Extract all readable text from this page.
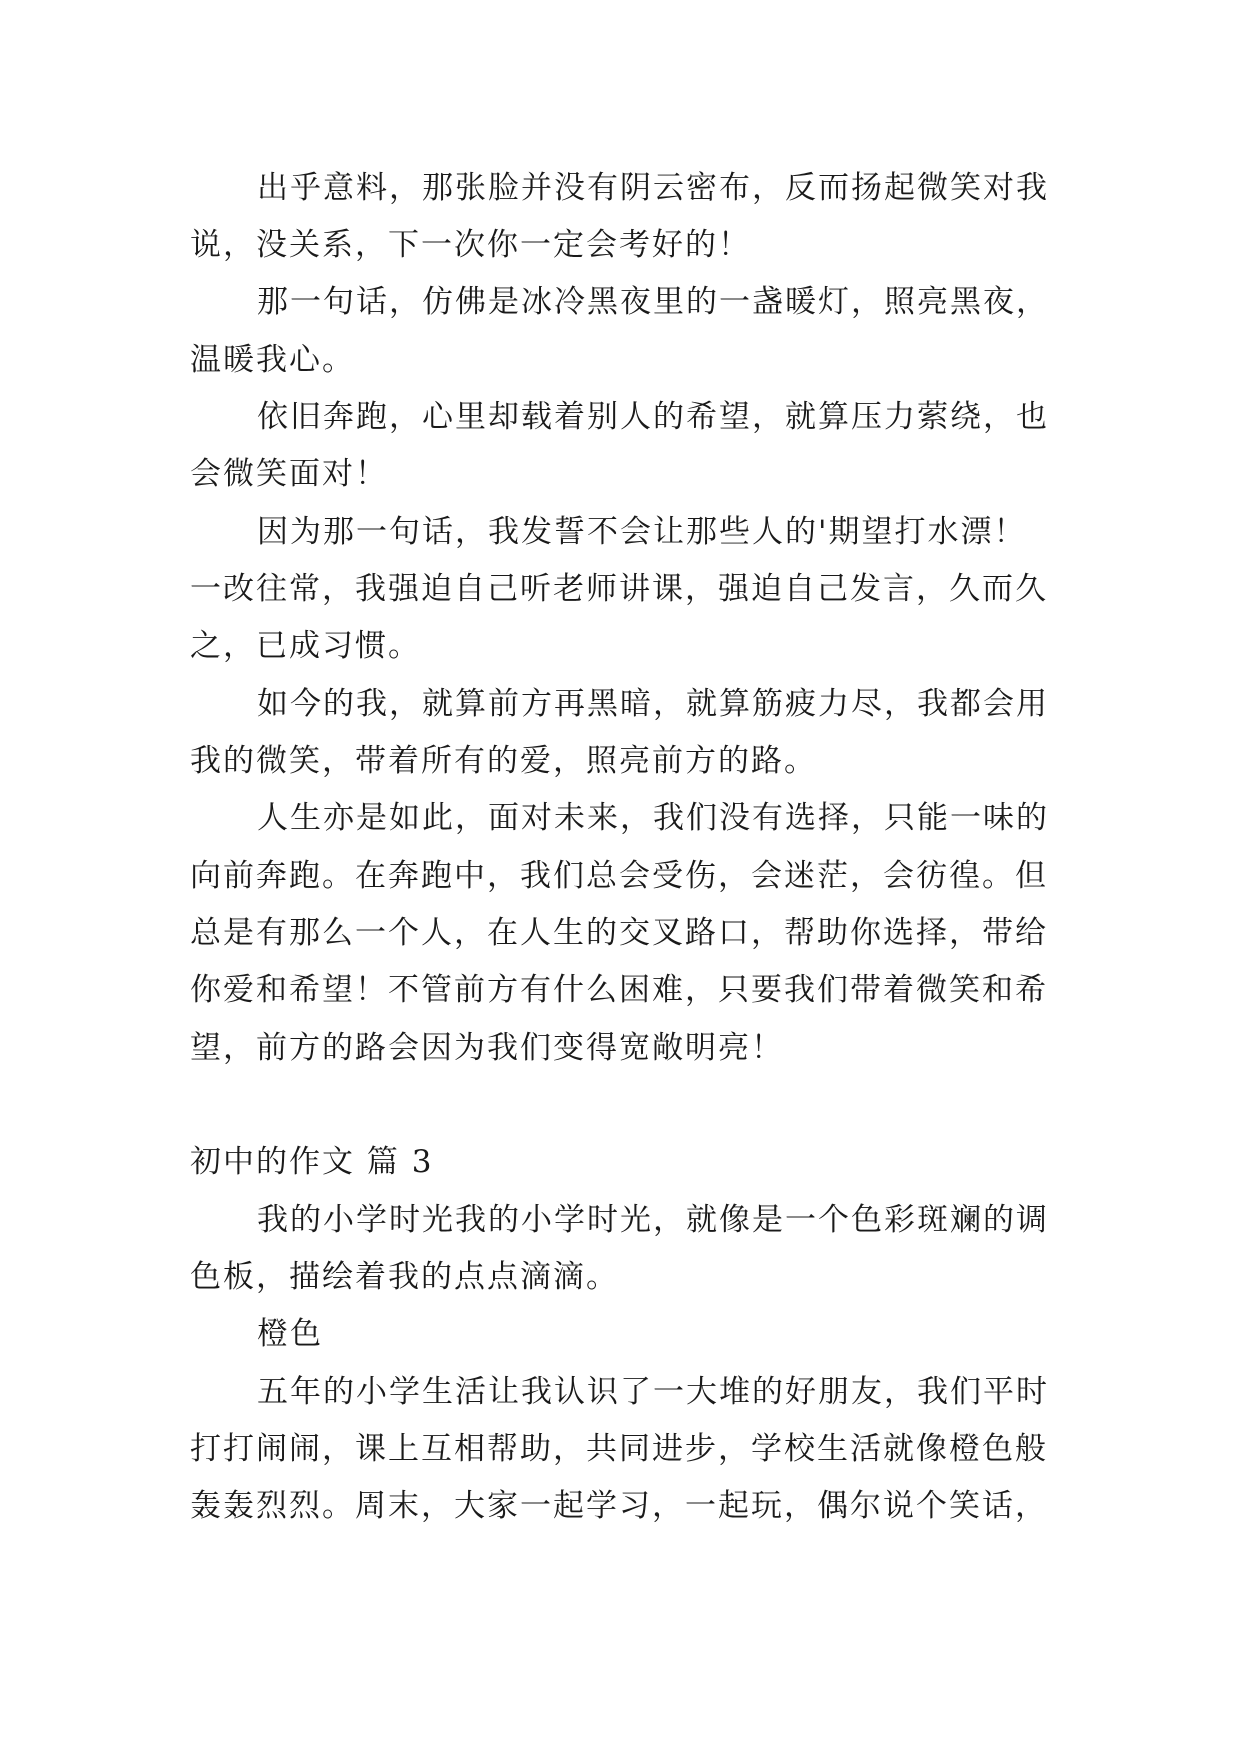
出乎意料，那张脸并没有阴云密布，反而扬起微笑对我

说，没关系，下一次你一定会考好的！

那一句话，仿佛是冰冷黑夜里的一盏暖灯，照亮黑夜，

温暖我心。

依旧奔跑，心里却载着别人的希望，就算压力萦绕，也

会微笑面对！

因为那一句话，我发誓不会让那些人的'期望打水漂！

一改往常，我强迫自己听老师讲课，强迫自己发言，久而久

之，已成习惯。

如今的我，就算前方再黑暗，就算筋疲力尽，我都会用

我的微笑，带着所有的爱，照亮前方的路。

人生亦是如此，面对未来，我们没有选择，只能一味的

向前奔跑。在奔跑中，我们总会受伤，会迷茫，会彷徨。但

总是有那么一个人，在人生的交叉路口，帮助你选择，带给

你爱和希望！不管前方有什么困难，只要我们带着微笑和希

望，前方的路会因为我们变得宽敞明亮！

初中的作文 篇 3

我的小学时光我的小学时光，就像是一个色彩斑斓的调

色板，描绘着我的点点滴滴。

橙色

五年的小学生活让我认识了一大堆的好朋友，我们平时

打打闹闹，课上互相帮助，共同进步，学校生活就像橙色般

轰轰烈烈。周末，大家一起学习，一起玩，偶尔说个笑话，
